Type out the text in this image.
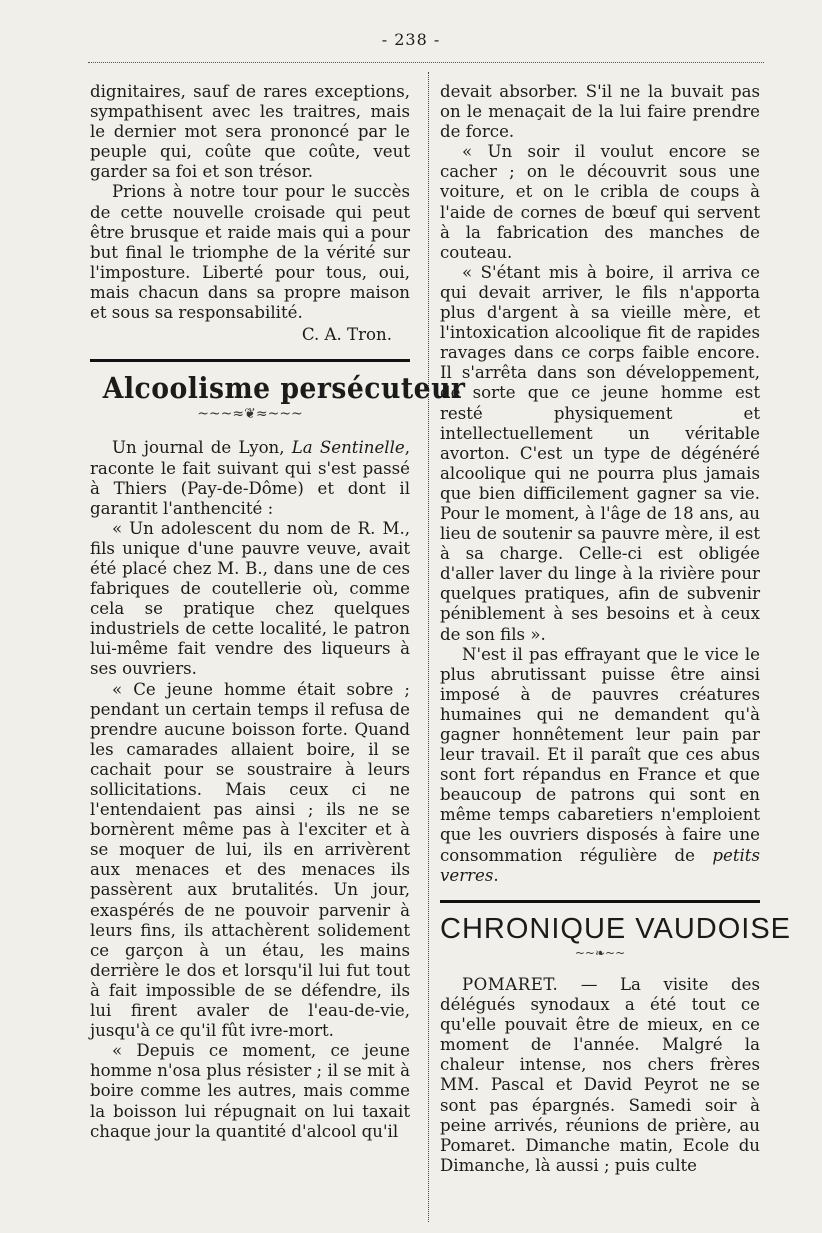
- 238 -

dignitaires, sauf de rares exceptions, sympathisent avec les traitres, mais le dernier mot sera prononcé par le peuple qui, coûte que coûte, veut garder sa foi et son trésor.

Prions à notre tour pour le succès de cette nouvelle croisade qui peut être brusque et raide mais qui a pour but final le triomphe de la vérité sur l'imposture. Liberté pour tous, oui, mais chacun dans sa propre maison et sous sa responsabilité.

C. A. Tron.

Alcoolisme persécuteur
~~~≈❦≈~~~

Un journal de Lyon, La Sentinelle, raconte le fait suivant qui s'est passé à Thiers (Pay-de-Dôme) et dont il garantit l'anthencité :

« Un adolescent du nom de R. M., fils unique d'une pauvre veuve, avait été placé chez M. B., dans une de ces fabriques de coutellerie où, comme cela se pratique chez quelques industriels de cette localité, le patron lui-même fait vendre des liqueurs à ses ouvriers.

« Ce jeune homme était sobre ; pendant un certain temps il refusa de prendre aucune boisson forte. Quand les camarades allaient boire, il se cachait pour se soustraire à leurs sollicitations. Mais ceux ci ne l'entendaient pas ainsi ; ils ne se bornèrent même pas à l'exciter et à se moquer de lui, ils en arrivèrent aux menaces et des menaces ils passèrent aux brutalités. Un jour, exaspérés de ne pouvoir parvenir à leurs fins, ils attachèrent solidement ce garçon à un étau, les mains derrière le dos et lorsqu'il lui fut tout à fait impossible de se défendre, ils lui firent avaler de l'eau-de-vie, jusqu'à ce qu'il fût ivre-mort.

« Depuis ce moment, ce jeune homme n'osa plus résister ; il se mit à boire comme les autres, mais comme la boisson lui répugnait on lui taxait chaque jour la quantité d'alcool qu'il

devait absorber. S'il ne la buvait pas on le menaçait de la lui faire prendre de force.

« Un soir il voulut encore se cacher ; on le découvrit sous une voiture, et on le cribla de coups à l'aide de cornes de bœuf qui servent à la fabrication des manches de couteau.

« S'étant mis à boire, il arriva ce qui devait arriver, le fils n'apporta plus d'argent à sa vieille mère, et l'intoxication alcoolique fit de rapides ravages dans ce corps faible encore. Il s'arrêta dans son développement, de sorte que ce jeune homme est resté physiquement et intellectuellement un véritable avorton. C'est un type de dégénéré alcoolique qui ne pourra plus jamais que bien difficilement gagner sa vie. Pour le moment, à l'âge de 18 ans, au lieu de soutenir sa pauvre mère, il est à sa charge. Celle-ci est obligée d'aller laver du linge à la rivière pour quelques pratiques, afin de subvenir péniblement à ses besoins et à ceux de son fils ».

N'est il pas effrayant que le vice le plus abrutissant puisse être ainsi imposé à de pauvres créatures humaines qui ne demandent qu'à gagner honnêtement leur pain par leur travail. Et il paraît que ces abus sont fort répandus en France et que beaucoup de patrons qui sont en même temps cabaretiers n'emploient que les ouvriers disposés à faire une consommation régulière de petits verres.

CHRONIQUE VAUDOISE
~~❧~~

POMARET. — La visite des délégués synodaux a été tout ce qu'elle pouvait être de mieux, en ce moment de l'année. Malgré la chaleur intense, nos chers frères MM. Pascal et David Peyrot ne se sont pas épargnés. Samedi soir à peine arrivés, réunions de prière, au Pomaret. Dimanche matin, Ecole du Dimanche, là aussi ; puis culte
